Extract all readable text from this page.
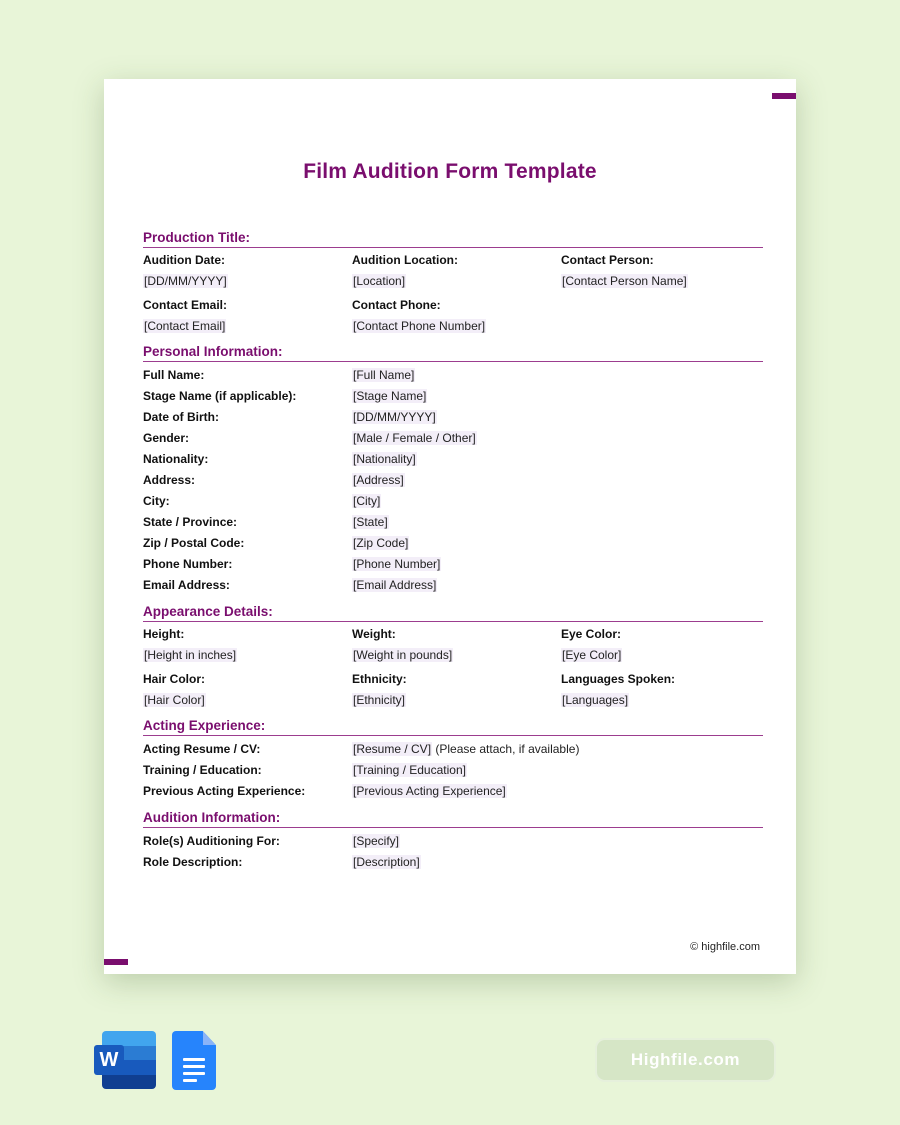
Film Audition Form Template
Production Title:
Audition Date:
[DD/MM/YYYY]
Audition Location:
[Location]
Contact Person:
[Contact Person Name]
Contact Email:
[Contact Email]
Contact Phone:
[Contact Phone Number]
Personal Information:
Full Name:	[Full Name]
Stage Name (if applicable):	[Stage Name]
Date of Birth:	[DD/MM/YYYY]
Gender:	[Male / Female / Other]
Nationality:	[Nationality]
Address:	[Address]
City:	[City]
State / Province:	[State]
Zip / Postal Code:	[Zip Code]
Phone Number:	[Phone Number]
Email Address:	[Email Address]
Appearance Details:
Height:
[Height in inches]
Weight:
[Weight in pounds]
Eye Color:
[Eye Color]
Hair Color:
[Hair Color]
Ethnicity:
[Ethnicity]
Languages Spoken:
[Languages]
Acting Experience:
Acting Resume / CV:	[Resume / CV] (Please attach, if available)
Training / Education:	[Training / Education]
Previous Acting Experience:	[Previous Acting Experience]
Audition Information:
Role(s) Auditioning For:	[Specify]
Role Description:	[Description]
© highfile.com
W	Highfile.com
